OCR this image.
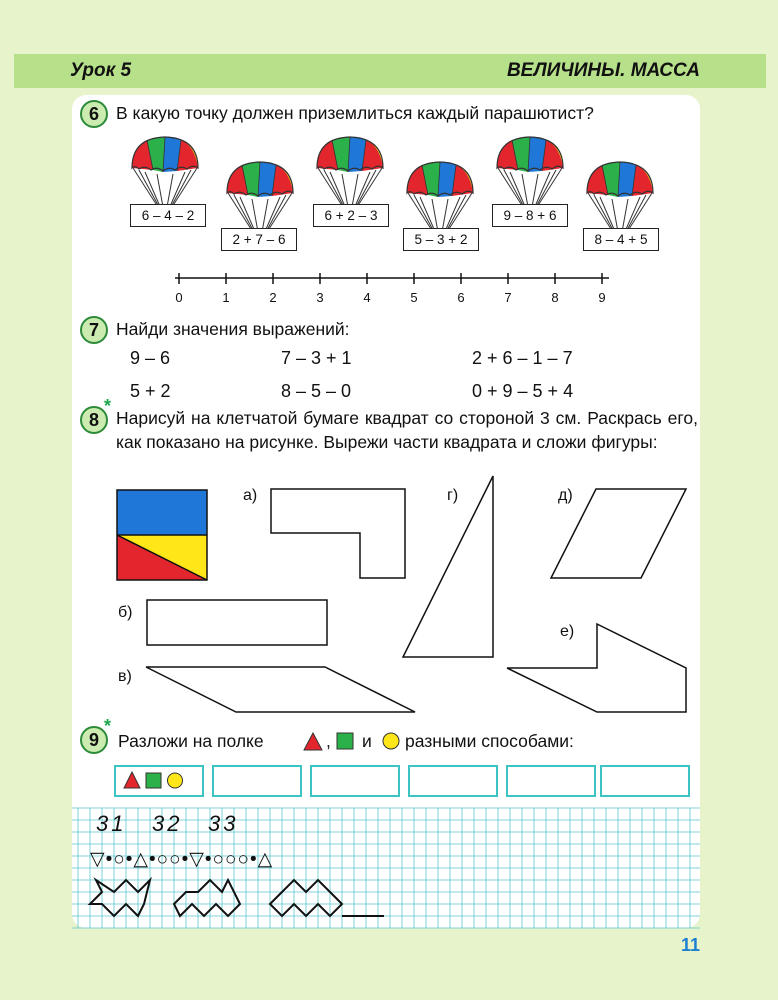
Урок 5	ВЕЛИЧИНЫ. МАССА
6 В какую точку должен приземлиться каждый парашютист?
6 – 4 – 2
2 + 7 – 6
6 + 2 – 3
5 – 3 + 2
9 – 8 + 6
8 – 4 + 5
0	1	2	3	4	5	6	7	8	9
7 Найди значения выражений:
9 – 6	7 – 3 + 1	2 + 6 – 1 – 7
5 + 2	8 – 5 – 0	0 + 9 – 5 + 4
8
*
Нарисуй на клетчатой бумаге квадрат со стороной 3 см. Раскрась его, как показано на рисунке. Вырежи части квадрата и сложи фигуры:
а)
б)
в)
г)	д)
е)
9
*
Разложи на полке	, и разными способами:
31 32 33
▽•○•△•○○•▽•○○○•△
11
